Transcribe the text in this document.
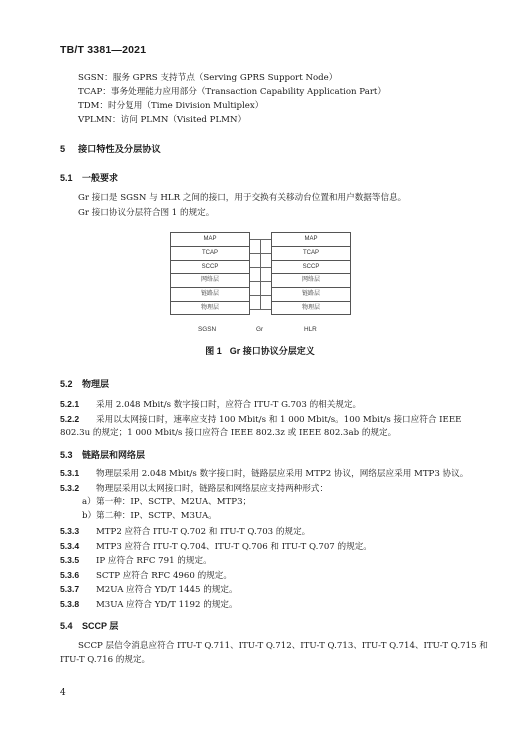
TB/T 3381—2021
SGSN：服务 GPRS 支持节点（Serving GPRS Support Node）
TCAP：事务处理能力应用部分（Transaction Capability Application Part）
TDM：时分复用（Time Division Multiplex）
VPLMN：访问 PLMN（Visited PLMN）
5 接口特性及分层协议
5.1 一般要求
Gr 接口是 SGSN 与 HLR 之间的接口，用于交换有关移动台位置和用户数据等信息。
Gr 接口协议分层符合图 1 的规定。
MAP
TCAP
SCCP
网络层
链路层
物理层
MAP
TCAP
SCCP
网络层
链路层
物理层
SGSN	Gr	HLR
图 1 Gr 接口协议分层定义
5.2 物理层
5.2.1 采用 2.048 Mbit/s 数字接口时，应符合 ITU-T G.703 的相关规定。
5.2.2 采用以太网接口时，速率应支持 100 Mbit/s 和 1 000 Mbit/s。100 Mbit/s 接口应符合 IEEE
802.3u 的规定；1 000 Mbit/s 接口应符合 IEEE 802.3z 或 IEEE 802.3ab 的规定。
5.3 链路层和网络层
5.3.1 物理层采用 2.048 Mbit/s 数字接口时，链路层应采用 MTP2 协议，网络层应采用 MTP3 协议。
5.3.2 物理层采用以太网接口时，链路层和网络层应支持两种形式：
a）第一种：IP、SCTP、M2UA、MTP3；
b）第二种：IP、SCTP、M3UA。
5.3.3 MTP2 应符合 ITU-T Q.702 和 ITU-T Q.703 的规定。
5.3.4 MTP3 应符合 ITU-T Q.704、ITU-T Q.706 和 ITU-T Q.707 的规定。
5.3.5 IP 应符合 RFC 791 的规定。
5.3.6 SCTP 应符合 RFC 4960 的规定。
5.3.7 M2UA 应符合 YD/T 1445 的规定。
5.3.8 M3UA 应符合 YD/T 1192 的规定。
5.4 SCCP 层
SCCP 层信令消息应符合 ITU-T Q.711、ITU-T Q.712、ITU-T Q.713、ITU-T Q.714、ITU-T Q.715 和
ITU-T Q.716 的规定。
4
